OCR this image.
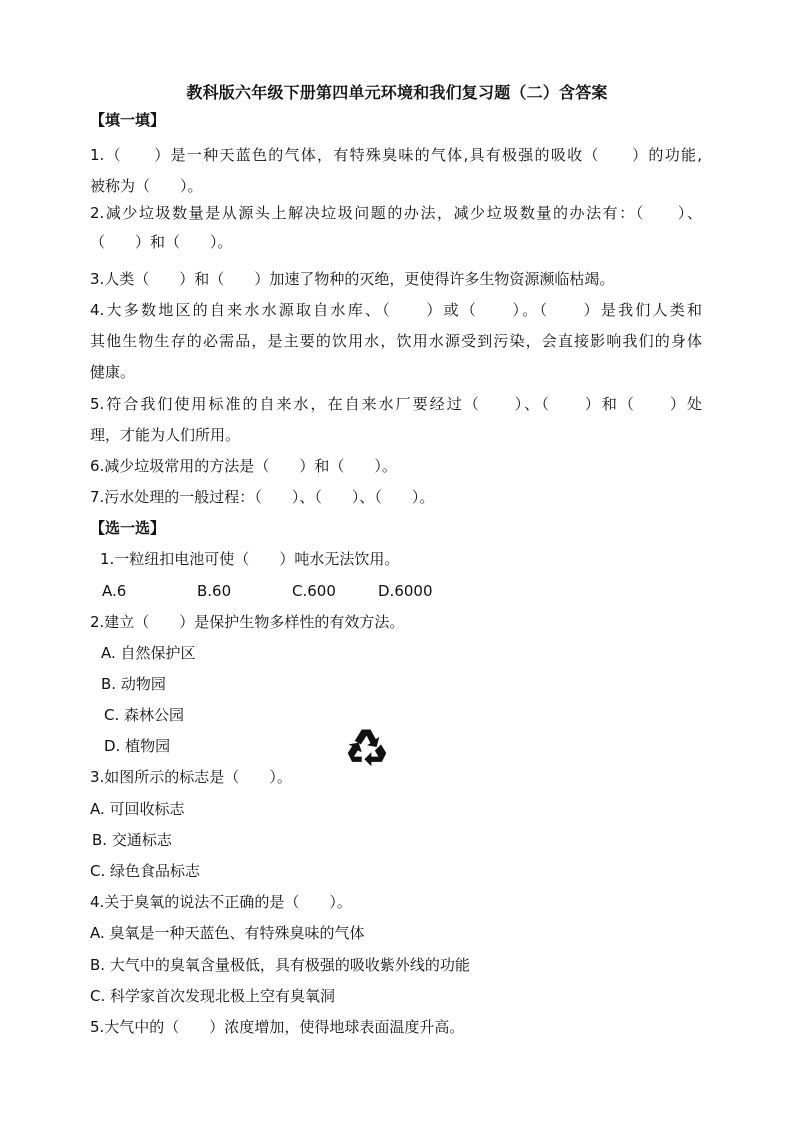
教科版六年级下册第四单元环境和我们复习题（二）含答案
【填一填】
1.（　　）是一种天蓝色的气体，有特殊臭味的气体,具有极强的吸收（　　）的功能,
被称为（　　）。
2.减少垃圾数量是从源头上解决垃圾问题的办法，减少垃圾数量的办法有：（　　）、
（　　）和（　　）。
3.人类（　　）和（　　）加速了物种的灭绝，更使得许多生物资源濒临枯竭。
4.大多数地区的自来水水源取自水库、（　　）或（　　）。（　　）是我们人类和
其他生物生存的必需品，是主要的饮用水，饮用水源受到污染，会直接影响我们的身体
健康。
5.符合我们使用标准的自来水，在自来水厂要经过（　　）、（　　）和（　　）处
理，才能为人们所用。
6.减少垃圾常用的方法是（　　）和（　　）。
7.污水处理的一般过程：（　　）、（　　）、（　　）。
【选一选】
1.一粒纽扣电池可使（　　）吨水无法饮用。
A.6	B.60	C.600	D.6000
2.建立（　　）是保护生物多样性的有效方法。
A. 自然保护区
B. 动物园
C. 森林公园
D. 植物园
3.如图所示的标志是（　　）。
A. 可回收标志
B. 交通标志
C. 绿色食品标志
4.关于臭氧的说法不正确的是（　　）。
A. 臭氧是一种天蓝色、有特殊臭味的气体
B. 大气中的臭氧含量极低，具有极强的吸收紫外线的功能
C. 科学家首次发现北极上空有臭氧洞
5.大气中的（　　）浓度增加，使得地球表面温度升高。
